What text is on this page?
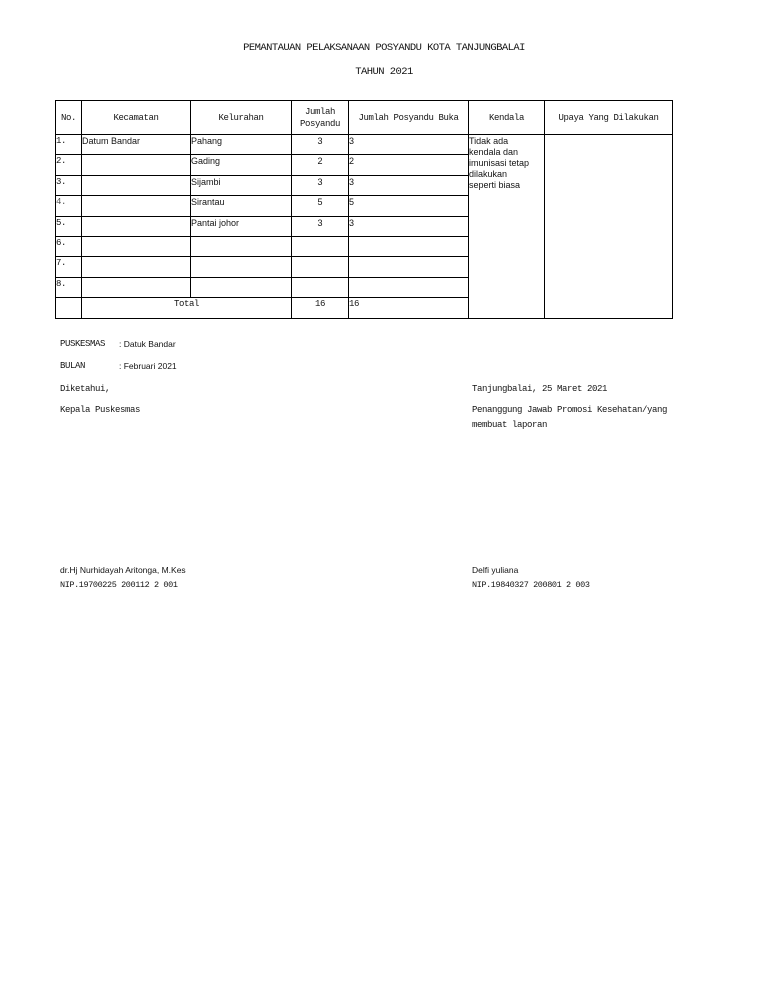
PEMANTAUAN PELAKSANAAN POSYANDU KOTA TANJUNGBALAI
TAHUN 2021
No.	Kecamatan	Kelurahan	Jumlah Posyandu	Jumlah Posyandu Buka	Kendala	Upaya Yang Dilakukan
1.	Datum Bandar	Pahang	3	3	Tidak ada
kendala dan
imunisasi tetap
dilakukan
seperti biasa	

2.		Gading	2	2		
3.		Sijambi	3	3		
4.		Sirantau	5	5		
5.		Pantai johor	3	3		
6.						
7.						
8.						
	Total		16	16		
PUSKESMAS : Datuk Bandar
BULAN	: Februari 2021
Diketahui,
Kepala Puskesmas
dr.Hj Nurhidayah Aritonga, M.Kes
NIP.19700225 200112 2 001
Tanjungbalai, 25 Maret 2021
Penanggung Jawab Promosi Kesehatan/yang
membuat laporan
Delfi yuliana
NIP.19840327 200801 2 003
